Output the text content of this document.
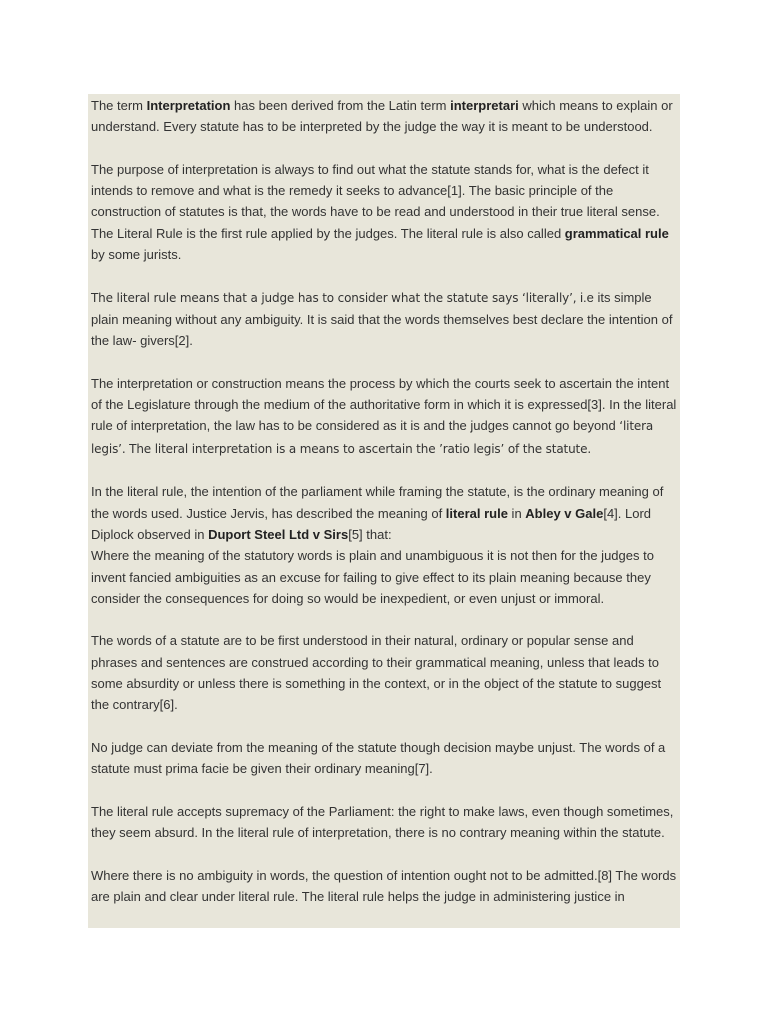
The term Interpretation has been derived from the Latin term interpretari which means to explain or understand. Every statute has to be interpreted by the judge the way it is meant to be understood.

The purpose of interpretation is always to find out what the statute stands for, what is the defect it intends to remove and what is the remedy it seeks to advance[1]. The basic principle of the construction of statutes is that, the words have to be read and understood in their true literal sense. The Literal Rule is the first rule applied by the judges. The literal rule is also called grammatical rule by some jurists.

The literal rule means that a judge has to consider what the statute says ‘literally’, i.e its simple plain meaning without any ambiguity. It is said that the words themselves best declare the intention of the law- givers[2].

The interpretation or construction means the process by which the courts seek to ascertain the intent of the Legislature through the medium of the authoritative form in which it is expressed[3]. In the literal rule of interpretation, the law has to be considered as it is and the judges cannot go beyond ‘litera legis’. The literal interpretation is a means to ascertain the ’ratio legis’ of the statute.

In the literal rule, the intention of the parliament while framing the statute, is the ordinary meaning of the words used. Justice Jervis, has described the meaning of literal rule in Abley v Gale[4]. Lord Diplock observed in Duport Steel Ltd v Sirs[5] that:
Where the meaning of the statutory words is plain and unambiguous it is not then for the judges to invent fancied ambiguities as an excuse for failing to give effect to its plain meaning because they consider the consequences for doing so would be inexpedient, or even unjust or immoral.

The words of a statute are to be first understood in their natural, ordinary or popular sense and phrases and sentences are construed according to their grammatical meaning, unless that leads to some absurdity or unless there is something in the context, or in the object of the statute to suggest the contrary[6].

No judge can deviate from the meaning of the statute though decision maybe unjust. The words of a statute must prima facie be given their ordinary meaning[7].

The literal rule accepts supremacy of the Parliament: the right to make laws, even though sometimes, they seem absurd. In the literal rule of interpretation, there is no contrary meaning within the statute.

Where there is no ambiguity in words, the question of intention ought not to be admitted.[8] The words are plain and clear under literal rule. The literal rule helps the judge in administering justice in
